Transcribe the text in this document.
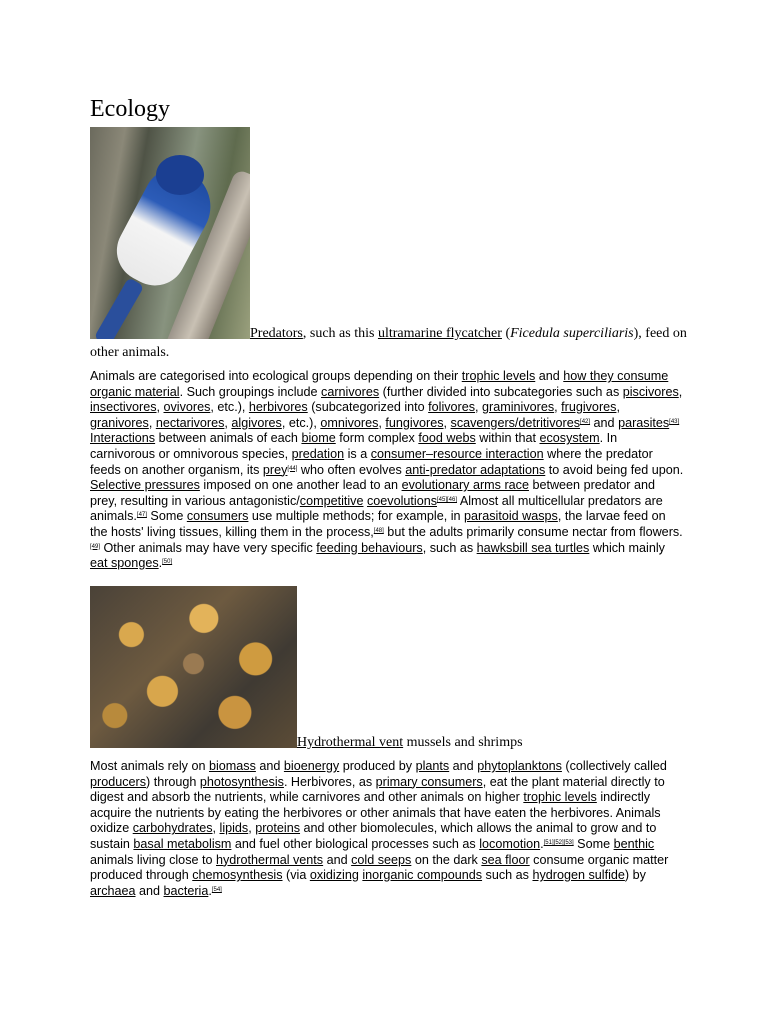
Ecology
Predators, such as this ultramarine flycatcher (Ficedula superciliaris), feed on other animals.
Animals are categorised into ecological groups depending on their trophic levels and how they consume organic material. Such groupings include carnivores (further divided into subcategories such as piscivores, insectivores, ovivores, etc.), herbivores (subcategorized into folivores, graminivores, frugivores, granivores, nectarivores, algivores, etc.), omnivores, fungivores, scavengers/detritivores[42] and parasites[43] Interactions between animals of each biome form complex food webs within that ecosystem. In carnivorous or omnivorous species, predation is a consumer–resource interaction where the predator feeds on another organism, its prey[44] who often evolves anti-predator adaptations to avoid being fed upon. Selective pressures imposed on one another lead to an evolutionary arms race between predator and prey, resulting in various antagonistic/competitive coevolutions[45][46] Almost all multicellular predators are animals.[47] Some consumers use multiple methods; for example, in parasitoid wasps, the larvae feed on the hosts' living tissues, killing them in the process,[48] but the adults primarily consume nectar from flowers.[49] Other animals may have very specific feeding behaviours, such as hawksbill sea turtles which mainly eat sponges.[50]
Hydrothermal vent mussels and shrimps
Most animals rely on biomass and bioenergy produced by plants and phytoplanktons (collectively called producers) through photosynthesis. Herbivores, as primary consumers, eat the plant material directly to digest and absorb the nutrients, while carnivores and other animals on higher trophic levels indirectly acquire the nutrients by eating the herbivores or other animals that have eaten the herbivores. Animals oxidize carbohydrates, lipids, proteins and other biomolecules, which allows the animal to grow and to sustain basal metabolism and fuel other biological processes such as locomotion.[51][52][53] Some benthic animals living close to hydrothermal vents and cold seeps on the dark sea floor consume organic matter produced through chemosynthesis (via oxidizing inorganic compounds such as hydrogen sulfide) by archaea and bacteria.[54]
